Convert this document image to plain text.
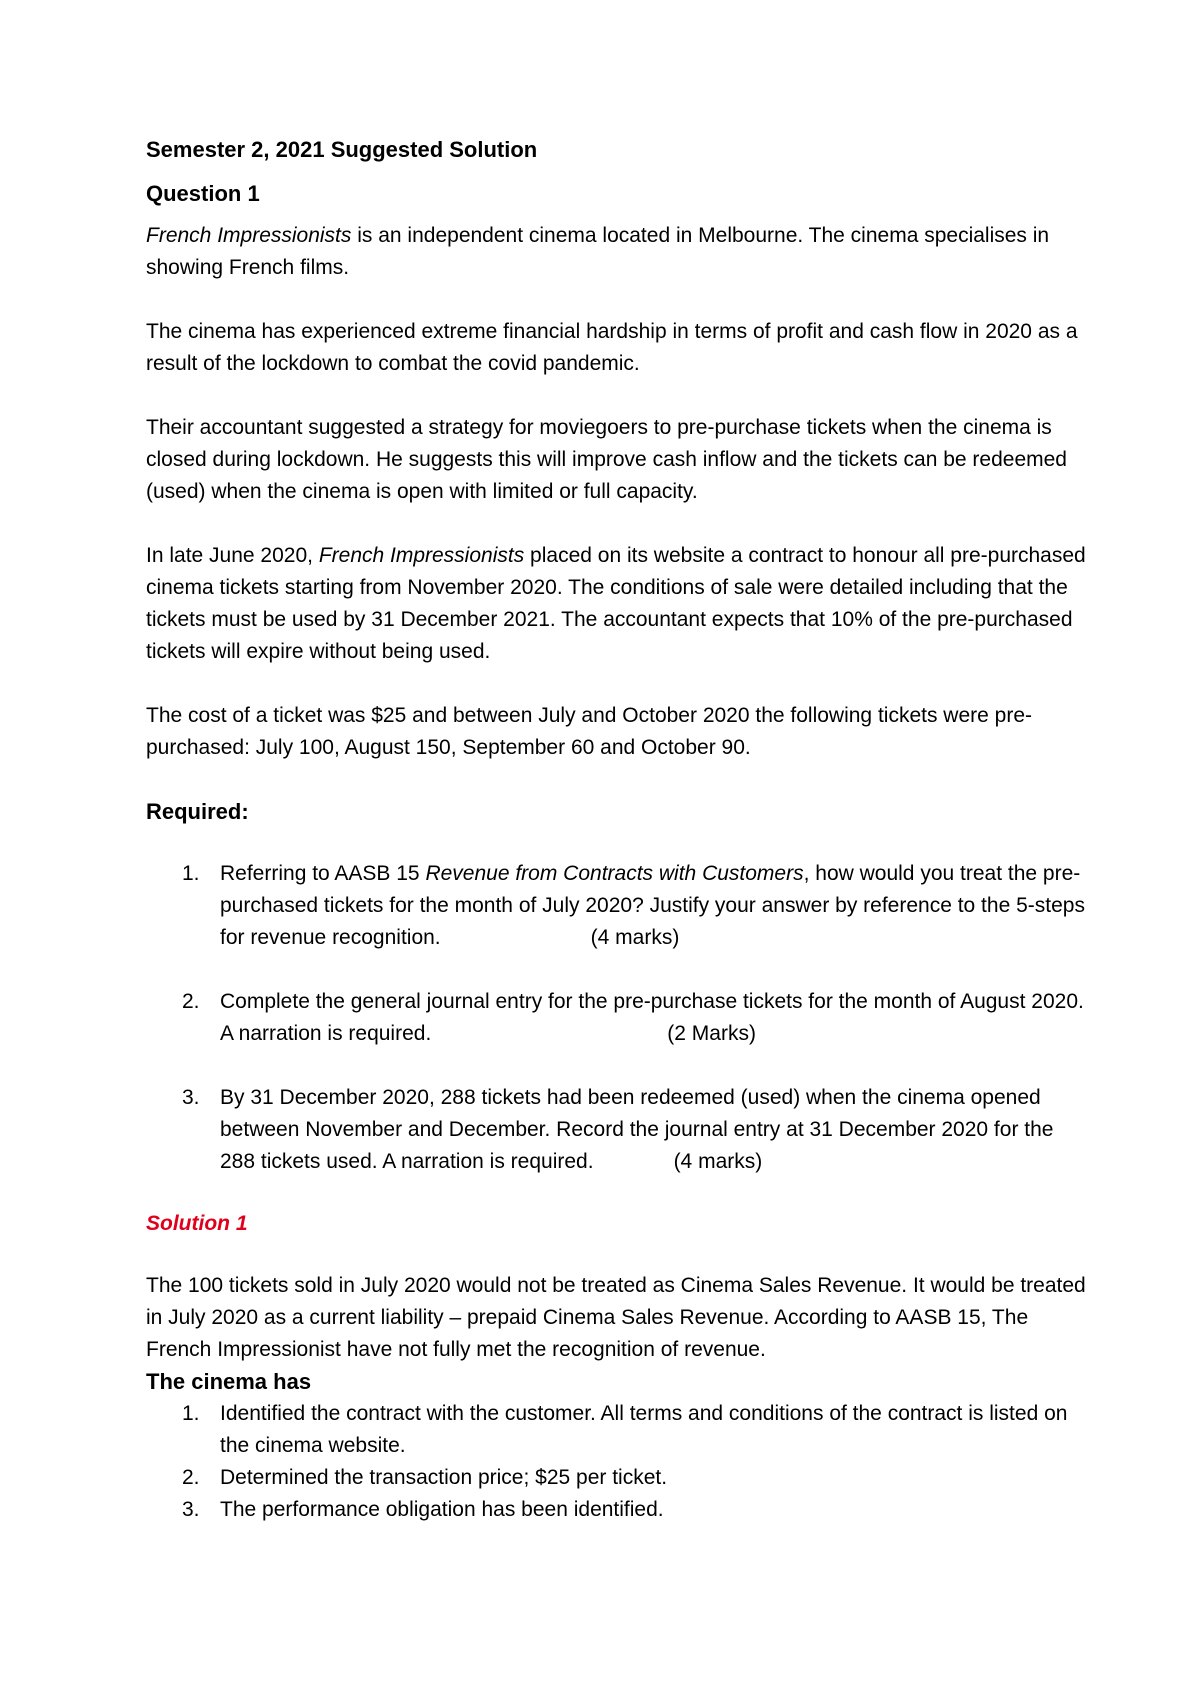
Semester 2, 2021 Suggested Solution

Question 1

French Impressionists is an independent cinema located in Melbourne. The cinema specialises in showing French films.

The cinema has experienced extreme financial hardship in terms of profit and cash flow in 2020 as a result of the lockdown to combat the covid pandemic.

Their accountant suggested a strategy for moviegoers to pre-purchase tickets when the cinema is closed during lockdown. He suggests this will improve cash inflow and the tickets can be redeemed (used) when the cinema is open with limited or full capacity.

In late June 2020, French Impressionists placed on its website a contract to honour all pre-purchased cinema tickets starting from November 2020. The conditions of sale were detailed including that the tickets must be used by 31 December 2021. The accountant expects that 10% of the pre-purchased tickets will expire without being used.

The cost of a ticket was $25 and between July and October 2020 the following tickets were pre-purchased: July 100, August 150, September 60 and October 90.

Required:

1. Referring to AASB 15 Revenue from Contracts with Customers, how would you treat the pre-purchased tickets for the month of July 2020? Justify your answer by reference to the 5-steps for revenue recognition.	(4 marks)
2. Complete the general journal entry for the pre-purchase tickets for the month of August 2020. A narration is required.	(2 Marks)
3. By 31 December 2020, 288 tickets had been redeemed (used) when the cinema opened between November and December. Record the journal entry at 31 December 2020 for the 288 tickets used. A narration is required.	(4 marks)

Solution 1

The 100 tickets sold in July 2020 would not be treated as Cinema Sales Revenue. It would be treated in July 2020 as a current liability – prepaid Cinema Sales Revenue. According to AASB 15, The French Impressionist have not fully met the recognition of revenue.

The cinema has

1. Identified the contract with the customer. All terms and conditions of the contract is listed on the cinema website.
2. Determined the transaction price; $25 per ticket.
3. The performance obligation has been identified.
